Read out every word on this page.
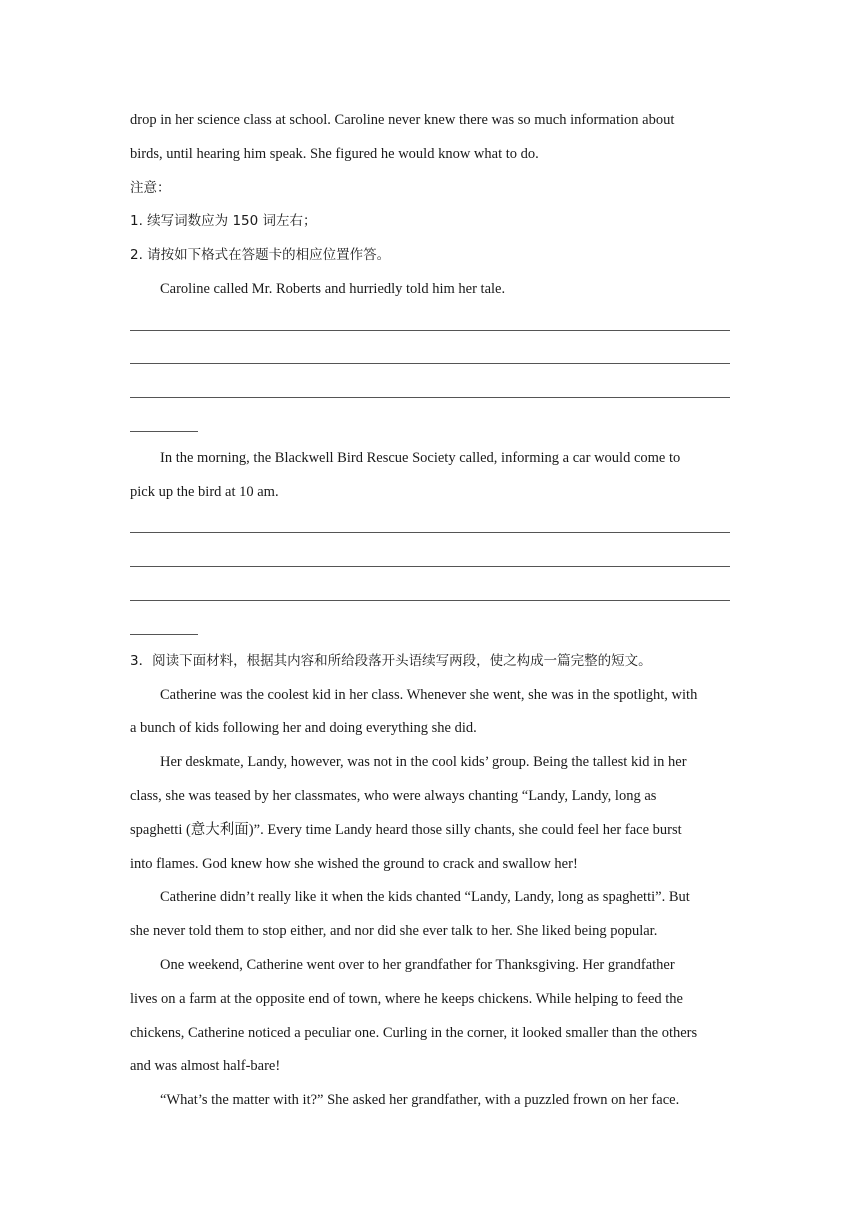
drop in her science class at school. Caroline never knew there was so much information about
birds, until hearing him speak. She figured he would know what to do.
注意：
1. 续写词数应为 150 词左右；
2. 请按如下格式在答题卡的相应位置作答。
Caroline called Mr. Roberts and hurriedly told him her tale.
In the morning, the Blackwell Bird Rescue Society called, informing a car would come to
pick up the bird at 10 am.
3．阅读下面材料，根据其内容和所给段落开头语续写两段，使之构成一篇完整的短文。
Catherine was the coolest kid in her class. Whenever she went, she was in the spotlight, with
a bunch of kids following her and doing everything she did.
Her deskmate, Landy, however, was not in the cool kids’ group. Being the tallest kid in her
class, she was teased by her classmates, who were always chanting “Landy, Landy, long as
spaghetti (意大利面)”. Every time Landy heard those silly chants, she could feel her face burst
into flames. God knew how she wished the ground to crack and swallow her!
Catherine didn’t really like it when the kids chanted “Landy, Landy, long as spaghetti”. But
she never told them to stop either, and nor did she ever talk to her. She liked being popular.
One weekend, Catherine went over to her grandfather for Thanksgiving. Her grandfather
lives on a farm at the opposite end of town, where he keeps chickens. While helping to feed the
chickens, Catherine noticed a peculiar one. Curling in the corner, it looked smaller than the others
and was almost half-bare!
“What’s the matter with it?” She asked her grandfather, with a puzzled frown on her face.
